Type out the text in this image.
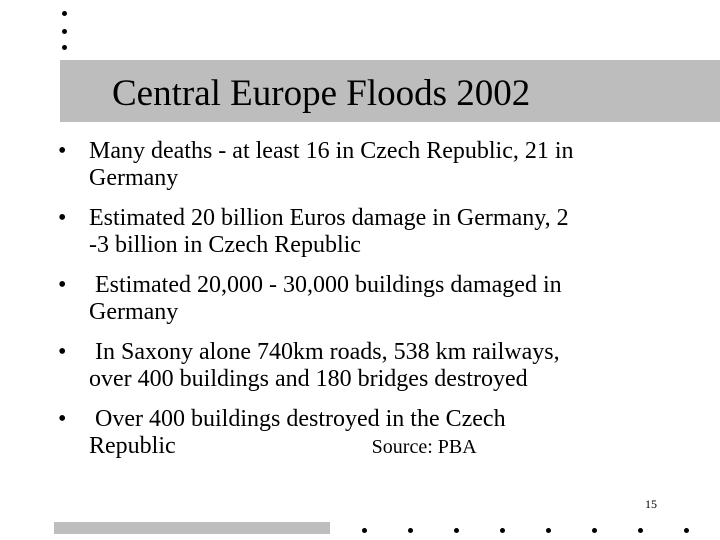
Central Europe Floods 2002
• Many deaths - at least 16 in Czech Republic, 21 in
Germany
• Estimated 20 billion Euros damage in Germany, 2
-3 billion in Czech Republic
• Estimated 20,000 - 30,000 buildings damaged in
Germany
• In Saxony alone 740km roads, 538 km railways,
over 400 buildings and 180 bridges destroyed
• Over 400 buildings destroyed in the Czech
Republic	Source: PBA
15
